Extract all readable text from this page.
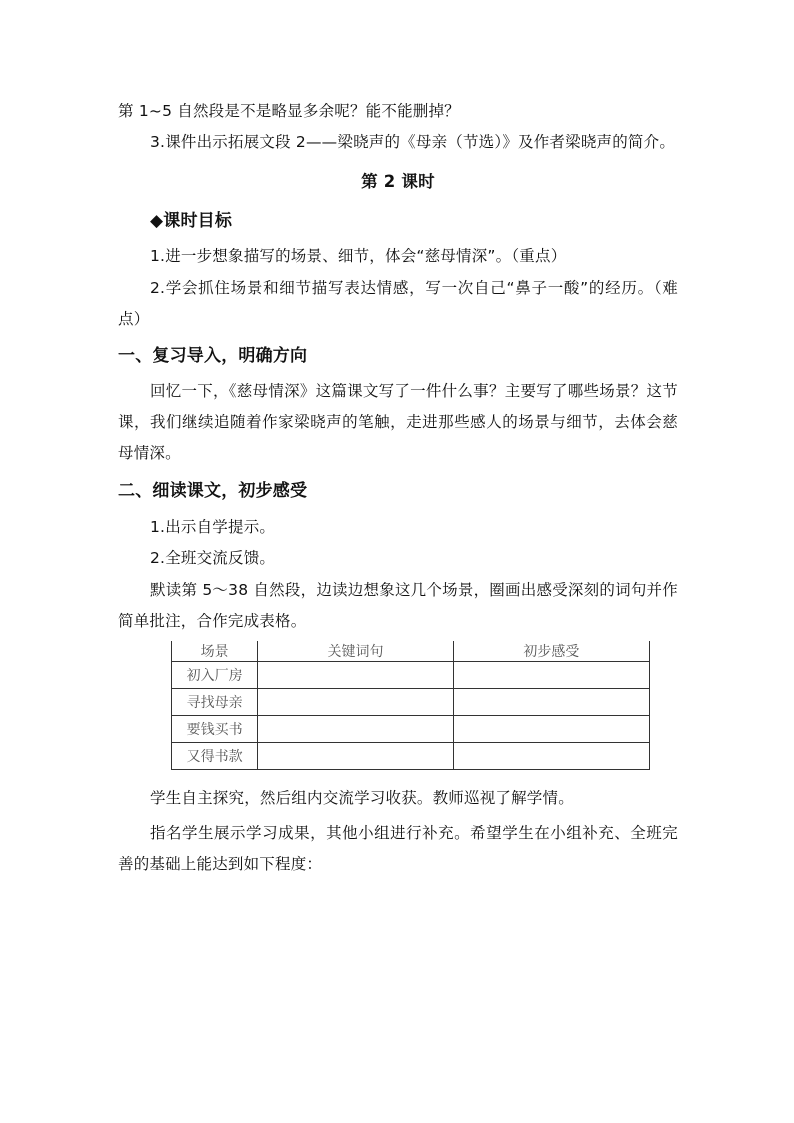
第 1~5 自然段是不是略显多余呢？能不能删掉？

3.课件出示拓展文段 2——梁晓声的《母亲（节选）》及作者梁晓声的简介。

第 2 课时

◆课时目标

1.进一步想象描写的场景、细节，体会“慈母情深”。（重点）

2.学会抓住场景和细节描写表达情感，写一次自己“鼻子一酸”的经历。（难点）

一、复习导入，明确方向

回忆一下，《慈母情深》这篇课文写了一件什么事？主要写了哪些场景？这节课，我们继续追随着作家梁晓声的笔触，走进那些感人的场景与细节，去体会慈母情深。

二、细读课文，初步感受

1.出示自学提示。

2.全班交流反馈。

默读第 5～38 自然段，边读边想象这几个场景，圈画出感受深刻的词句并作简单批注，合作完成表格。

场景	关键词句	初步感受
初入厂房		
寻找母亲		
要钱买书		
又得书款		

学生自主探究，然后组内交流学习收获。教师巡视了解学情。

指名学生展示学习成果，其他小组进行补充。希望学生在小组补充、全班完善的基础上能达到如下程度：
